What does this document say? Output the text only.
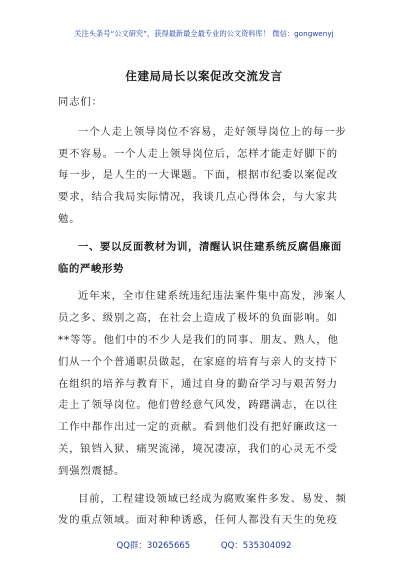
关注头条号“公文研究”，获得最新最全最专业的公文资料库！ 微信：gongwenyj
住建局局长以案促改交流发言
同志们：
一个人走上领导岗位不容易，走好领导岗位上的每一步
更不容易。一个人走上领导岗位后，怎样才能走好脚下的
每一步，是人生的一大课题。下面，根据市纪委以案促改
要求，结合我局实际情况，我谈几点心得体会，与大家共
勉。
一、要以反面教材为训，清醒认识住建系统反腐倡廉面
临的严峻形势
近年来，全市住建系统违纪违法案件集中高发，涉案人
员之多、级别之高，在社会上造成了极坏的负面影响。如
**等等。他们中的不少人是我们的同事、朋友、熟人，他
们从一个个普通职员做起，在家庭的培育与亲人的支持下
在组织的培养与教育下，通过自身的勤奋学习与艰苦努力
走上了领导岗位。他们曾经意气风发，踌躇满志，在以往
工作中都作出过一定的贡献。看到他们没有把好廉政这一
关，锒铛入狱、痛哭流涕，境况凄凉，我们的心灵无不受
到强烈震撼。
目前，工程建设领域已经成为腐败案件多发、易发、频
发的重点领域。面对种种诱惑，任何人都没有天生的免疫
QQ群：30265665	QQ：535304092
